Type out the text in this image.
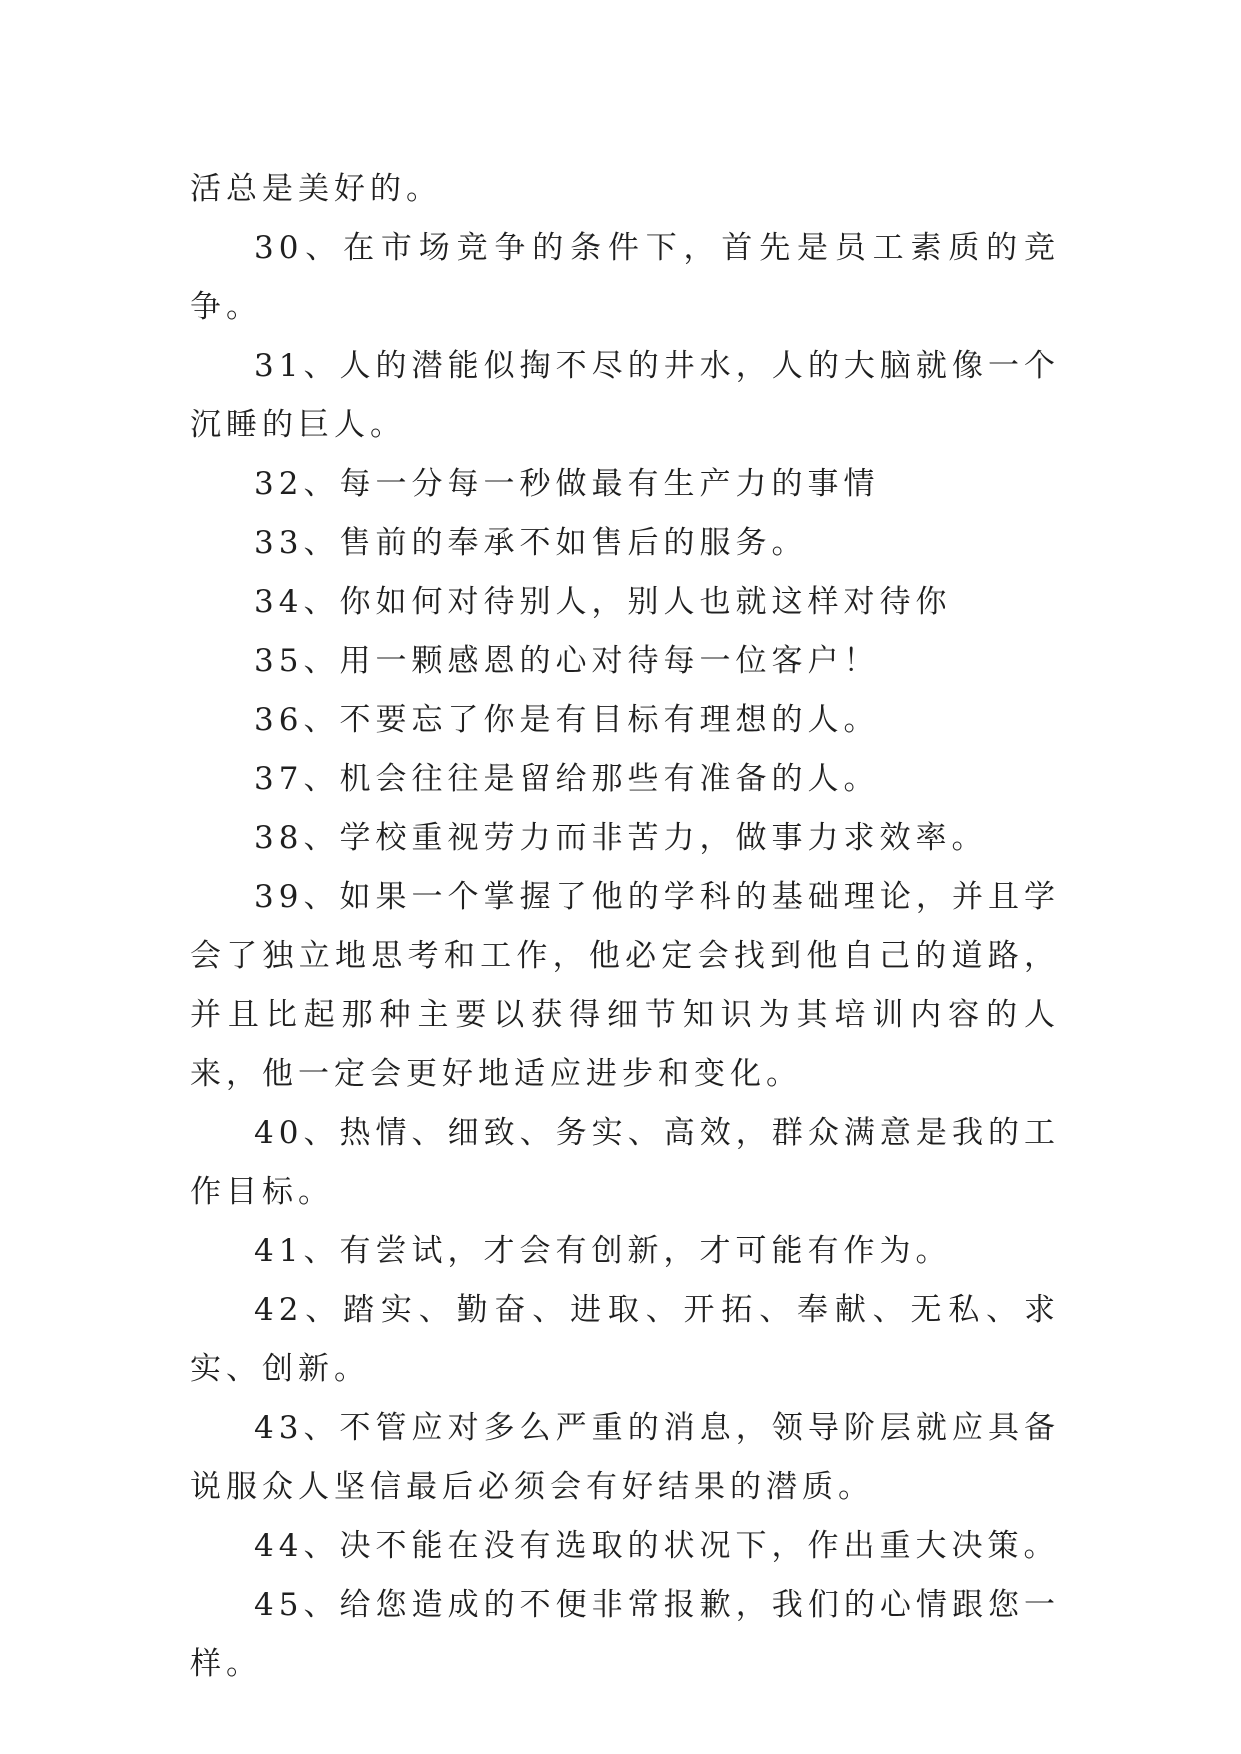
活总是美好的。

30、在市场竞争的条件下，首先是员工素质的竞争。

31、人的潜能似掏不尽的井水，人的大脑就像一个沉睡的巨人。

32、每一分每一秒做最有生产力的事情

33、售前的奉承不如售后的服务。

34、你如何对待别人，别人也就这样对待你

35、用一颗感恩的心对待每一位客户！

36、不要忘了你是有目标有理想的人。

37、机会往往是留给那些有准备的人。

38、学校重视劳力而非苦力，做事力求效率。

39、如果一个掌握了他的学科的基础理论，并且学会了独立地思考和工作，他必定会找到他自己的道路，并且比起那种主要以获得细节知识为其培训内容的人来，他一定会更好地适应进步和变化。

40、热情、细致、务实、高效，群众满意是我的工作目标。

41、有尝试，才会有创新，才可能有作为。

42、踏实、勤奋、进取、开拓、奉献、无私、求实、创新。

43、不管应对多么严重的消息，领导阶层就应具备说服众人坚信最后必须会有好结果的潜质。

44、决不能在没有选取的状况下，作出重大决策。

45、给您造成的不便非常报歉，我们的心情跟您一样。
